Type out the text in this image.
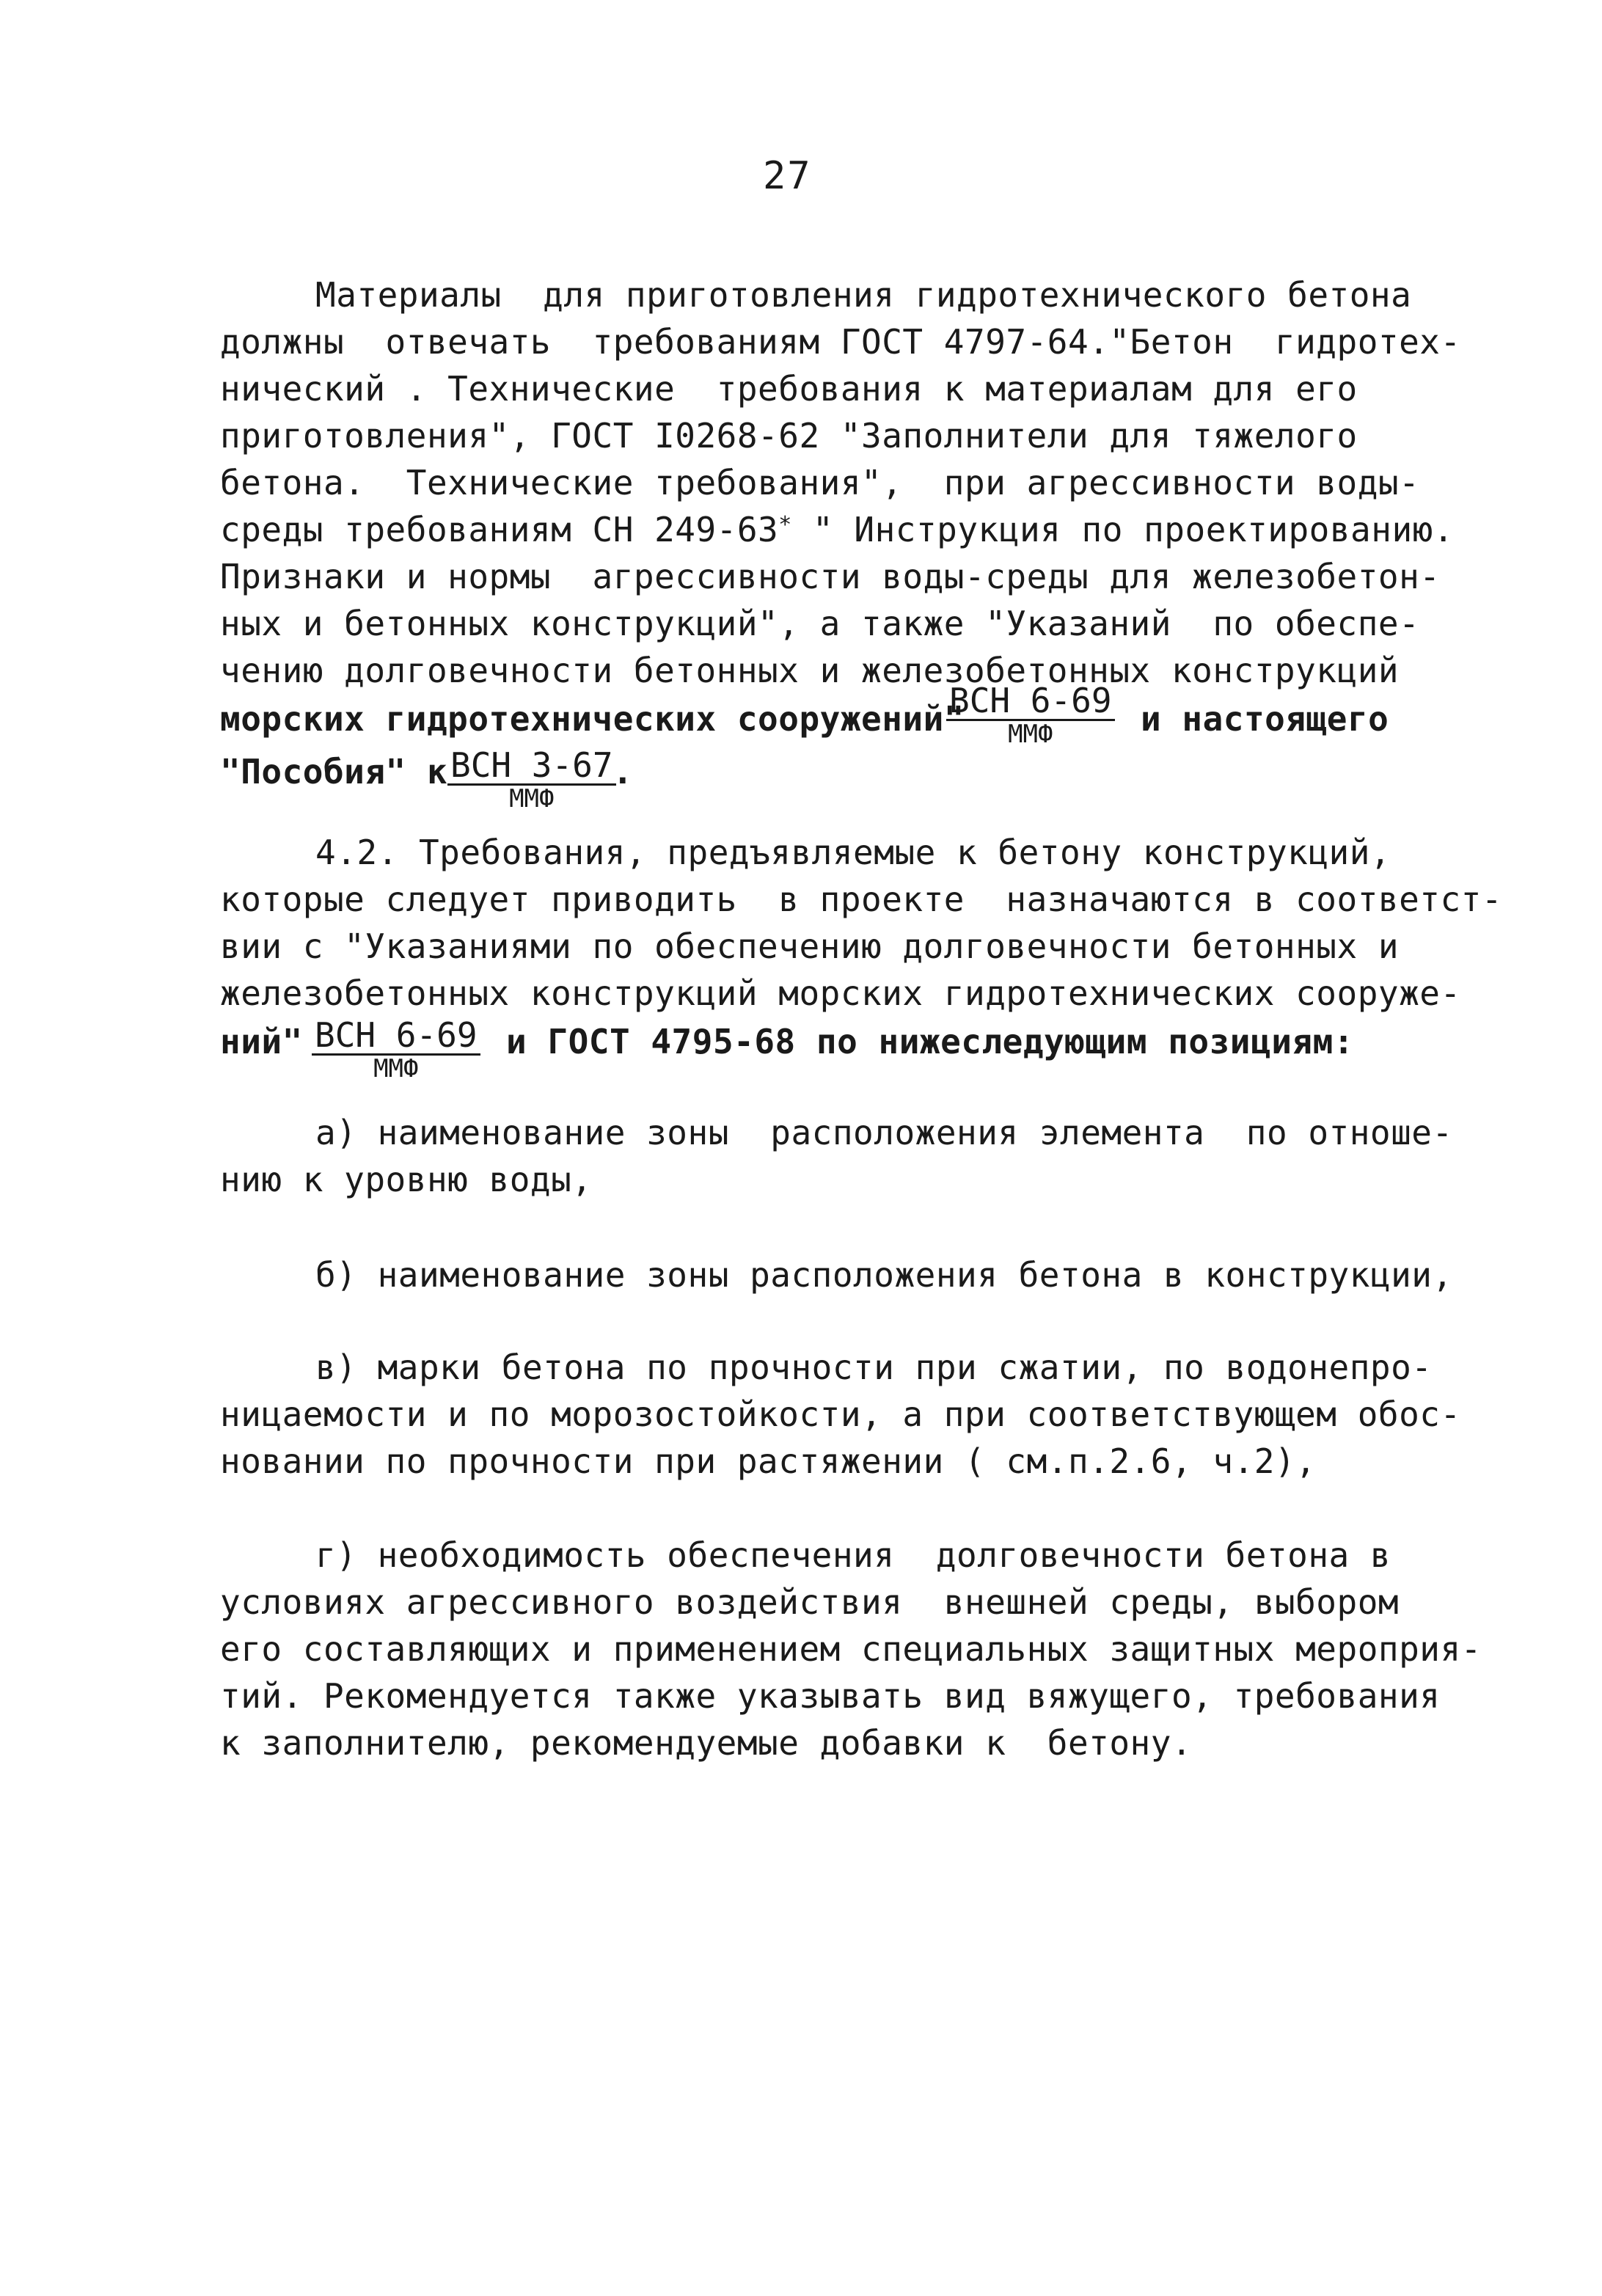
27
Материалы  для приготовления гидротехнического бетона
должны  отвечать  требованиям ГОСТ 4797-64."Бетон  гидротех-
нический . Технические  требования к материалам для его
приготовления", ГОСТ I0268-62 "Заполнители для тяжелого
бетона.  Технические требования",  при агрессивности воды-
среды требованиям СН 249-63* " Инструкция по проектированию.
Признаки и нормы  агрессивности воды-среды для железобетон-
ных и бетонных конструкций", а также "Указаний  по обеспе-
чению долговечности бетонных и железобетонных конструкций
морских гидротехнических сооружений"
ВСН 6-69
ММФ	и настоящего
"Пособия" к ВСН 3-67
ММФ
.
4.2. Требования, предъявляемые к бетону конструкций,
которые следует приводить  в проекте  назначаются в соответст-
вии с "Указаниями по обеспечению долговечности бетонных и
железобетонных конструкций морских гидротехнических сооруже-
ний" ВСН 6-69
ММФ
и ГОСТ 4795-68 по нижеследующим позициям:
а) наименование зоны  расположения элемента  по отноше-
нию к уровню воды,
б) наименование зоны расположения бетона в конструкции,
в) марки бетона по прочности при сжатии, по водонепро-
ницаемости и по морозостойкости, а при соответствующем обос-
новании по прочности при растяжении ( см.п.2.6, ч.2),
г) необходимость обеспечения  долговечности бетона в
условиях агрессивного воздействия  внешней среды, выбором
его составляющих и применением специальных защитных мероприя-
тий. Рекомендуется также указывать вид вяжущего, требования
к заполнителю, рекомендуемые добавки к  бетону.
